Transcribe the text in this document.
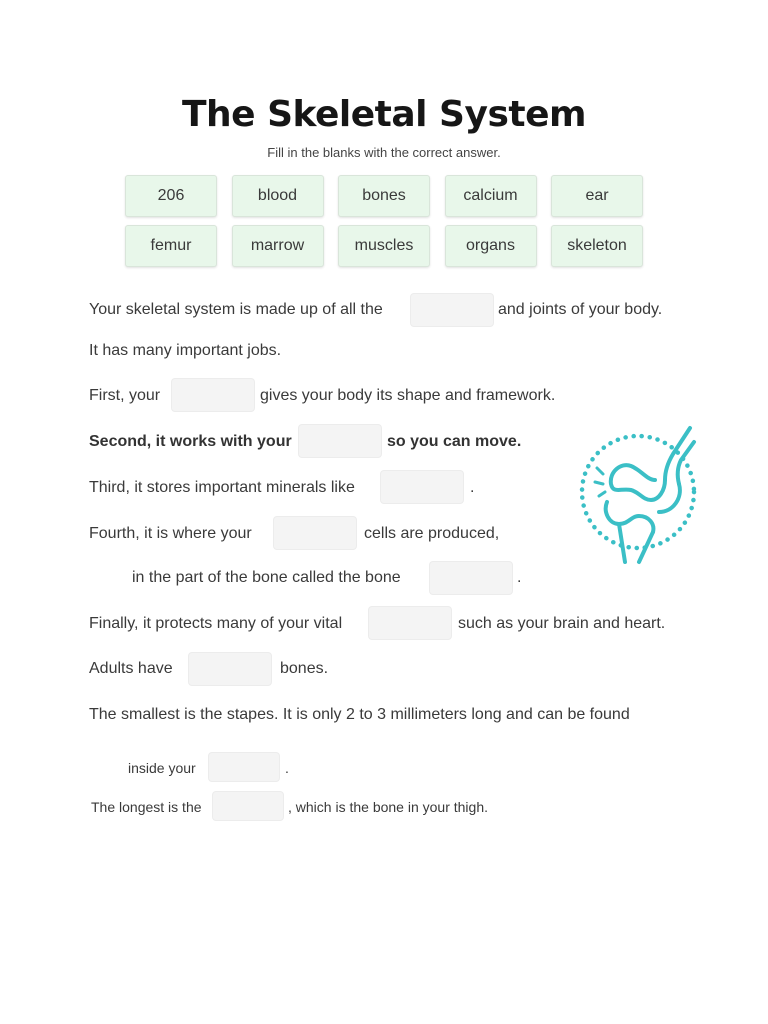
The Skeletal System
Fill in the blanks with the correct answer.
206	blood	bones	calcium	ear
femur	marrow	muscles	organs	skeleton
Your skeletal system is made up of all the	and joints of your body.
It has many important jobs.
First, your	gives your body its shape and framework.
Second, it works with your	so you can move.
Third, it stores important minerals like	.
Fourth, it is where your	cells are produced,
in the part of the bone called the bone	.
Finally, it protects many of your vital	such as your brain and heart.
Adults have	bones.
The smallest is the stapes. It is only 2 to 3 millimeters long and can be found
inside your	.
The longest is the	, which is the bone in your thigh.
